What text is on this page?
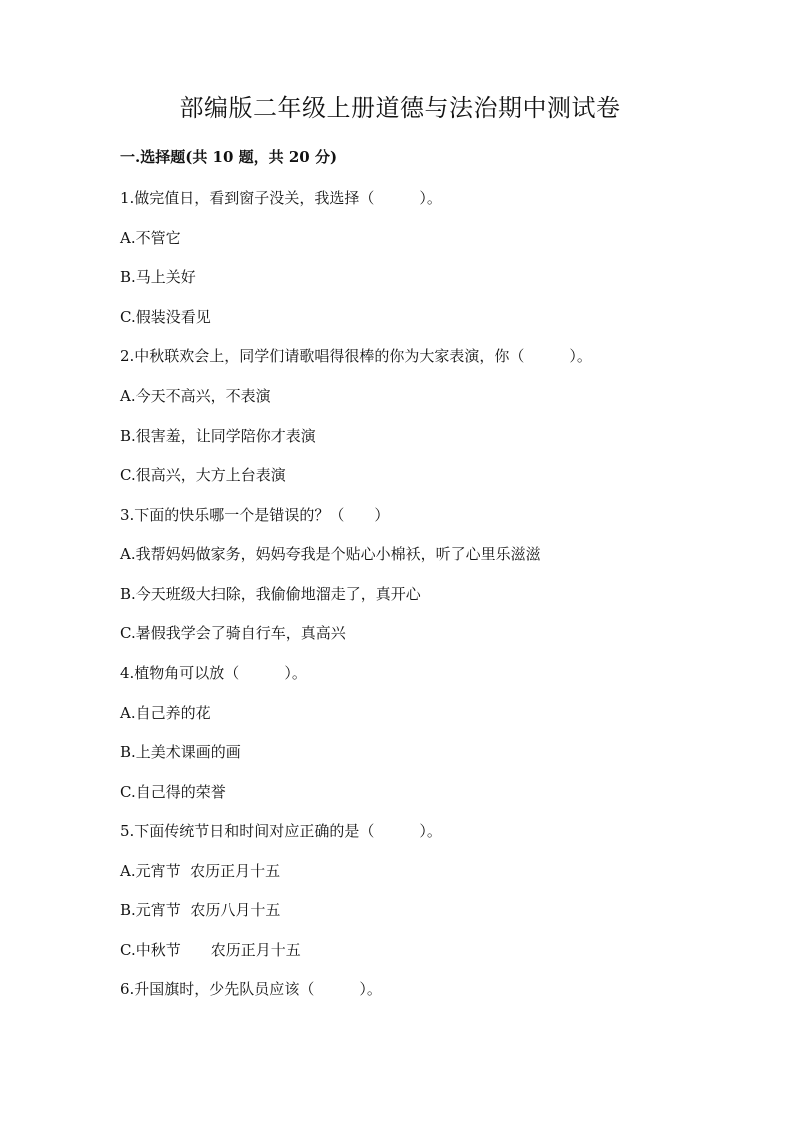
部编版二年级上册道德与法治期中测试卷
一.选择题(共 10 题，共 20 分)
1.做完值日，看到窗子没关，我选择（　　　）。
A.不管它
B.马上关好
C.假装没看见
2.中秋联欢会上，同学们请歌唱得很棒的你为大家表演，你（　　　）。
A.今天不高兴，不表演
B.很害羞，让同学陪你才表演
C.很高兴，大方上台表演
3.下面的快乐哪一个是错误的？（　　）
A.我帮妈妈做家务，妈妈夸我是个贴心小棉袄，听了心里乐滋滋
B.今天班级大扫除，我偷偷地溜走了，真开心
C.暑假我学会了骑自行车，真高兴
4.植物角可以放（　　　）。
A.自己养的花
B.上美术课画的画
C.自己得的荣誉
5.下面传统节日和时间对应正确的是（　　　）。
A.元宵节  农历正月十五
B.元宵节  农历八月十五
C.中秋节　　农历正月十五
6.升国旗时，少先队员应该（　　　）。
